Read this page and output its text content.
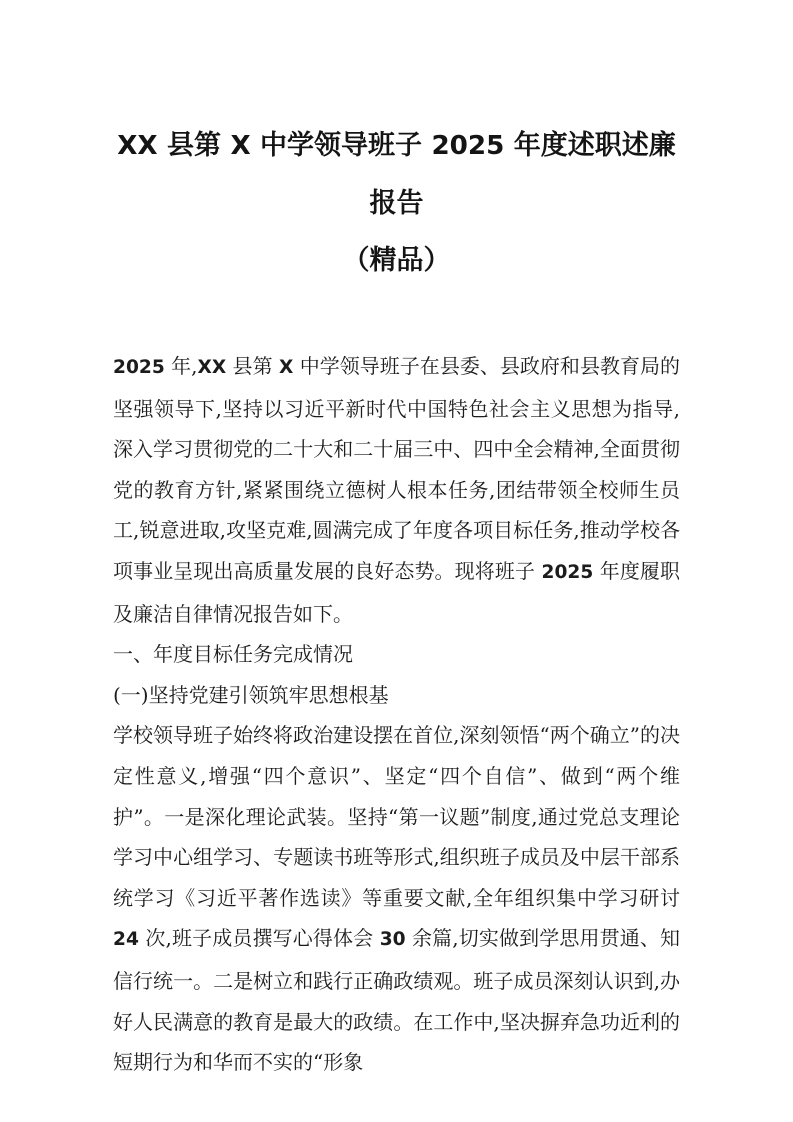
XX 县第 X 中学领导班子 2025 年度述职述廉报告
（精品）

2025 年,XX 县第 X 中学领导班子在县委、县政府和县教育局的坚强领导下,坚持以习近平新时代中国特色社会主义思想为指导,深入学习贯彻党的二十大和二十届三中、四中全会精神,全面贯彻党的教育方针,紧紧围绕立德树人根本任务,团结带领全校师生员工,锐意进取,攻坚克难,圆满完成了年度各项目标任务,推动学校各项事业呈现出高质量发展的良好态势。现将班子 2025 年度履职及廉洁自律情况报告如下。

一、年度目标任务完成情况

(一)坚持党建引领筑牢思想根基

学校领导班子始终将政治建设摆在首位,深刻领悟“两个确立”的决定性意义,增强“四个意识”、坚定“四个自信”、做到“两个维护”。一是深化理论武装。坚持“第一议题”制度,通过党总支理论学习中心组学习、专题读书班等形式,组织班子成员及中层干部系统学习《习近平著作选读》等重要文献,全年组织集中学习研讨 24 次,班子成员撰写心得体会 30 余篇,切实做到学思用贯通、知信行统一。二是树立和践行正确政绩观。班子成员深刻认识到,办好人民满意的教育是最大的政绩。在工作中,坚决摒弃急功近利的短期行为和华而不实的“形象
